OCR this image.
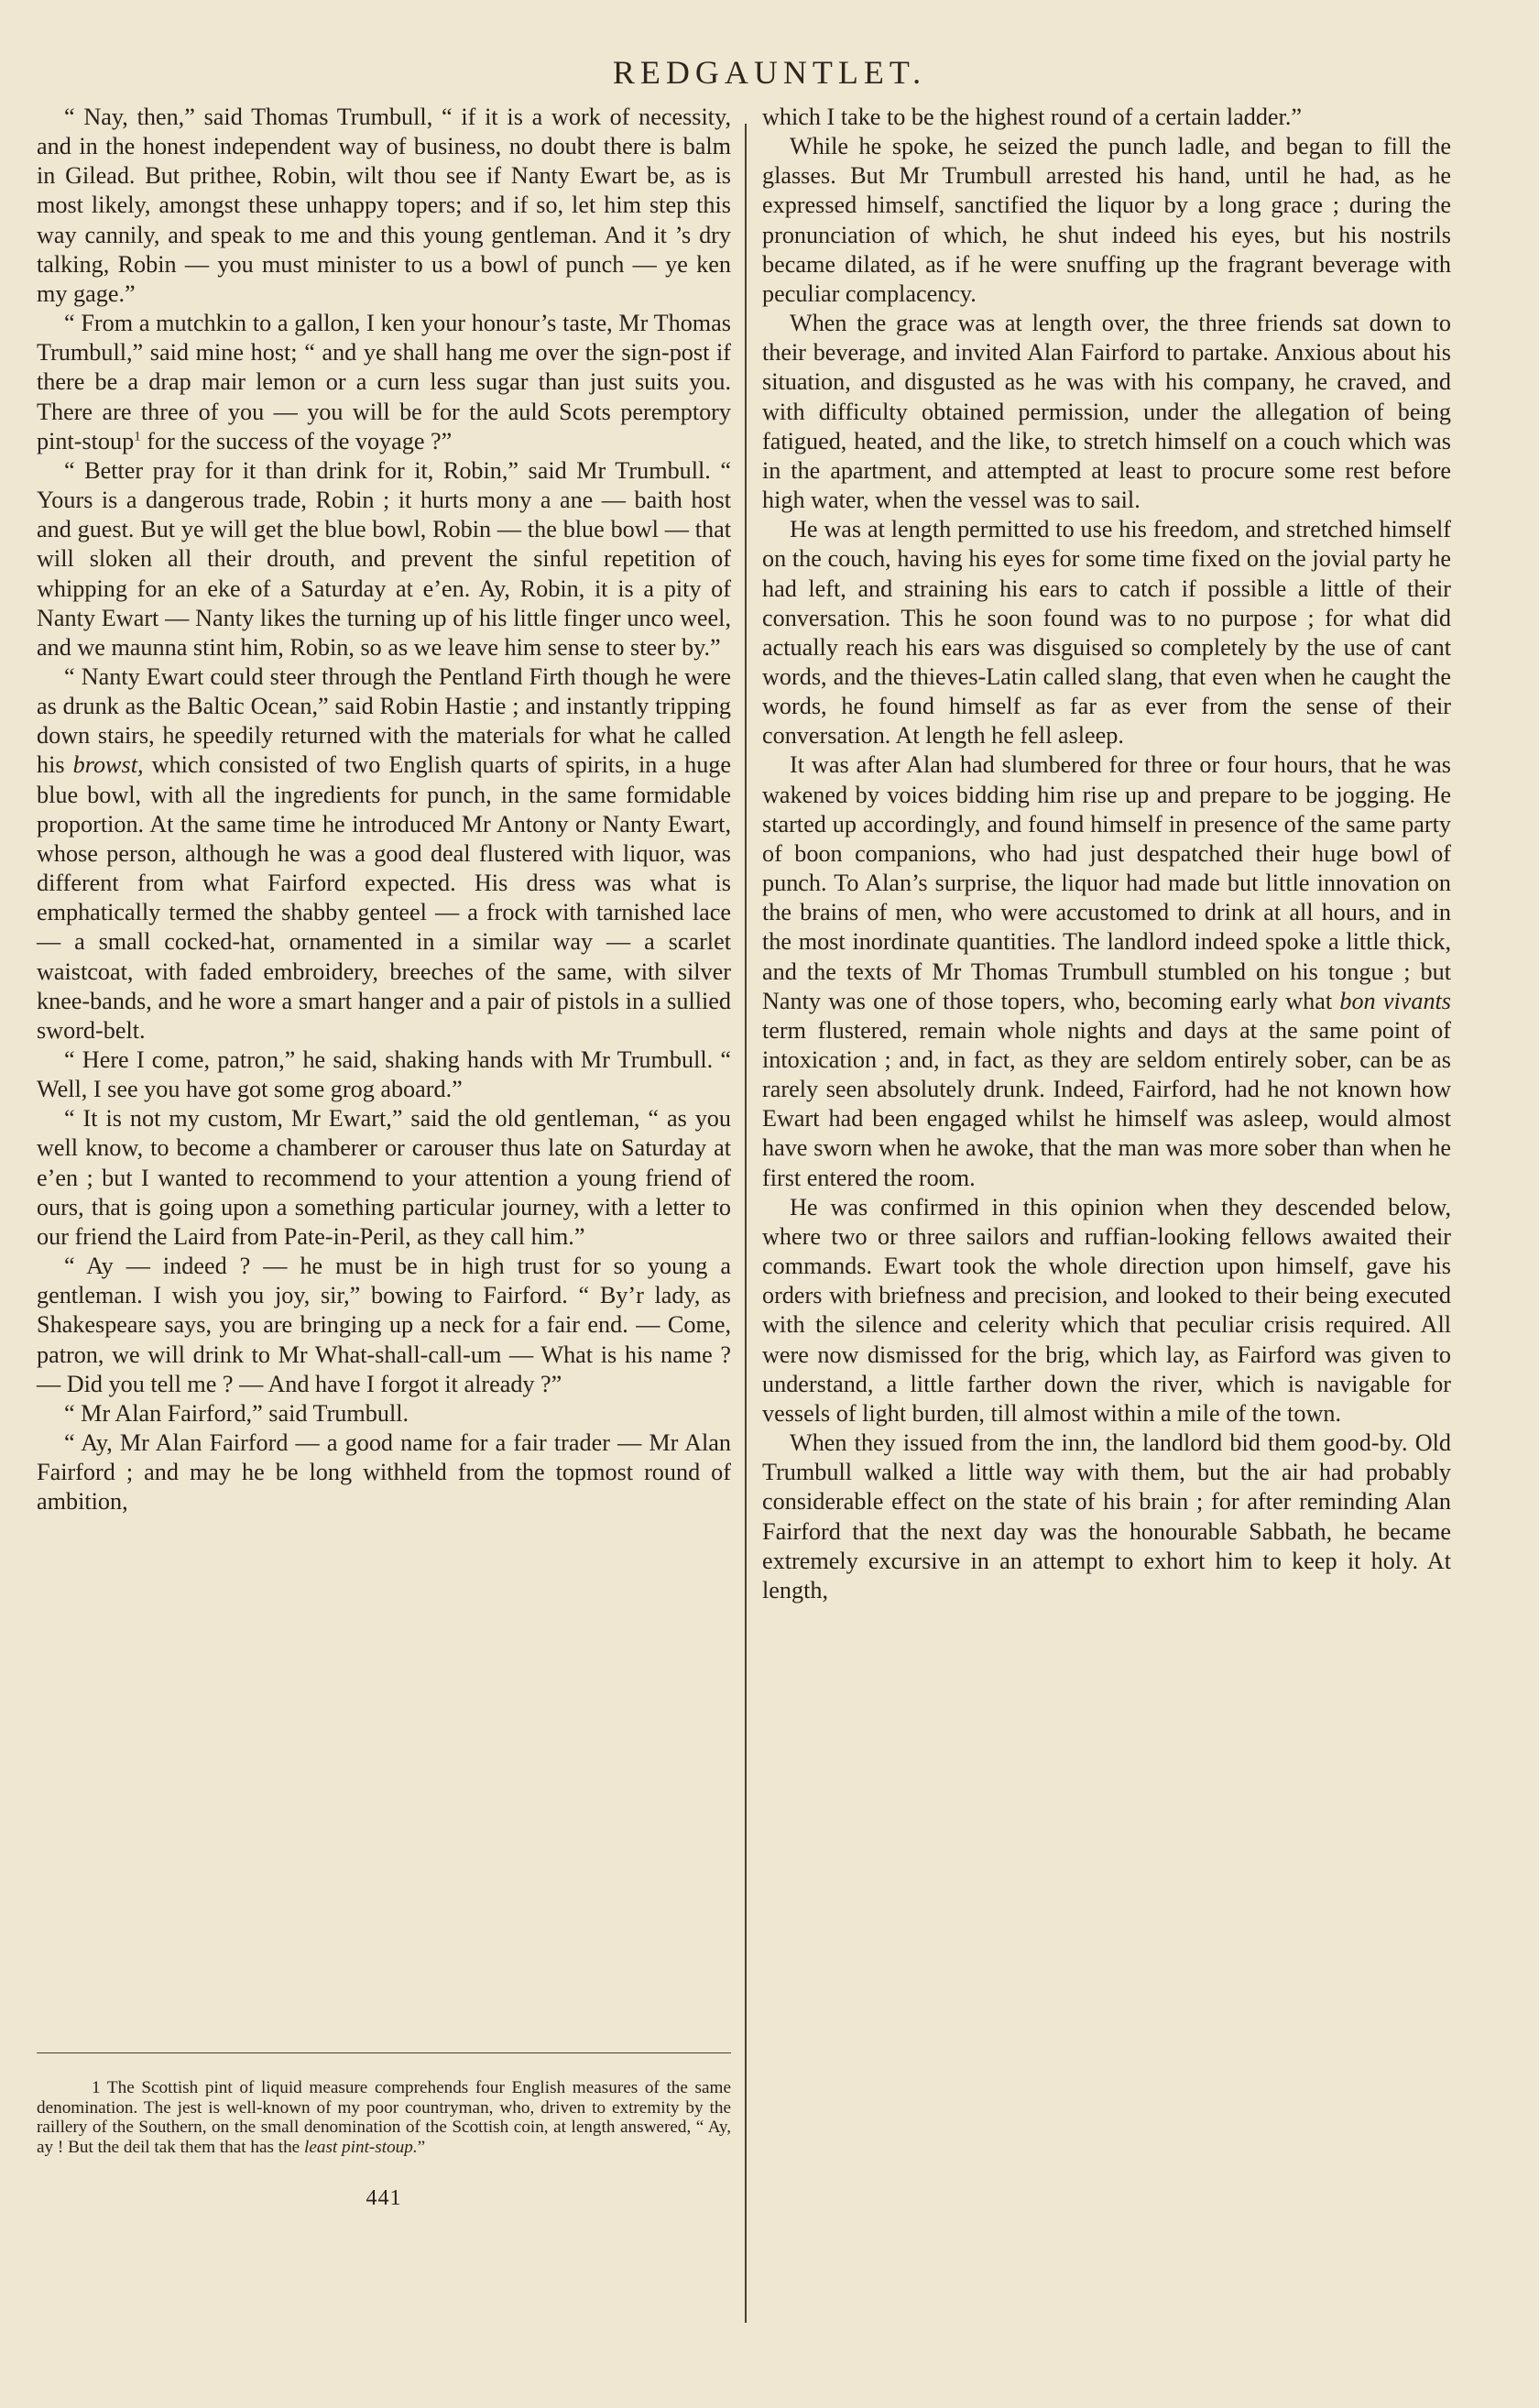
REDGAUNTLET.

“ Nay, then,” said Thomas Trumbull, “ if it is a work of necessity, and in the honest independent way of business, no doubt there is balm in Gilead. But prithee, Robin, wilt thou see if Nanty Ewart be, as is most likely, amongst these unhappy topers; and if so, let him step this way cannily, and speak to me and this young gentleman. And it ’s dry talking, Robin — you must minister to us a bowl of punch — ye ken my gage.”

“ From a mutchkin to a gallon, I ken your honour’s taste, Mr Thomas Trumbull,” said mine host; “ and ye shall hang me over the sign-post if there be a drap mair lemon or a curn less sugar than just suits you. There are three of you — you will be for the auld Scots peremptory pint-stoup$^1$ for the success of the voyage ?”

“ Better pray for it than drink for it, Robin,” said Mr Trumbull. “ Yours is a dangerous trade, Robin ; it hurts mony a ane — baith host and guest. But ye will get the blue bowl, Robin — the blue bowl — that will sloken all their drouth, and prevent the sinful repetition of whipping for an eke of a Saturday at e’en. Ay, Robin, it is a pity of Nanty Ewart — Nanty likes the turning up of his little finger unco weel, and we maunna stint him, Robin, so as we leave him sense to steer by.”

“ Nanty Ewart could steer through the Pentland Firth though he were as drunk as the Baltic Ocean,” said Robin Hastie ; and instantly tripping down stairs, he speedily returned with the materials for what he called his browst, which consisted of two English quarts of spirits, in a huge blue bowl, with all the ingredients for punch, in the same formidable proportion. At the same time he introduced Mr Antony or Nanty Ewart, whose person, although he was a good deal flustered with liquor, was different from what Fairford expected. His dress was what is emphatically termed the shabby genteel — a frock with tarnished lace — a small cocked-hat, ornamented in a similar way — a scarlet waistcoat, with faded embroidery, breeches of the same, with silver knee-bands, and he wore a smart hanger and a pair of pistols in a sullied sword-belt.

“ Here I come, patron,” he said, shaking hands with Mr Trumbull. “ Well, I see you have got some grog aboard.”

“ It is not my custom, Mr Ewart,” said the old gentleman, “ as you well know, to become a chamberer or carouser thus late on Saturday at e’en ; but I wanted to recommend to your attention a young friend of ours, that is going upon a something particular journey, with a letter to our friend the Laird from Pate-in-Peril, as they call him.”

“ Ay — indeed ? — he must be in high trust for so young a gentleman. I wish you joy, sir,” bowing to Fairford. “ By’r lady, as Shakespeare says, you are bringing up a neck for a fair end. — Come, patron, we will drink to Mr What-shall-call-um — What is his name ? — Did you tell me ? — And have I forgot it already ?”

“ Mr Alan Fairford,” said Trumbull.

“ Ay, Mr Alan Fairford — a good name for a fair trader — Mr Alan Fairford ; and may he be long withheld from the topmost round of ambition,

which I take to be the highest round of a certain ladder.”

While he spoke, he seized the punch ladle, and began to fill the glasses. But Mr Trumbull arrested his hand, until he had, as he expressed himself, sanctified the liquor by a long grace ; during the pronunciation of which, he shut indeed his eyes, but his nostrils became dilated, as if he were snuffing up the fragrant beverage with peculiar complacency.

When the grace was at length over, the three friends sat down to their beverage, and invited Alan Fairford to partake. Anxious about his situation, and disgusted as he was with his company, he craved, and with difficulty obtained permission, under the allegation of being fatigued, heated, and the like, to stretch himself on a couch which was in the apartment, and attempted at least to procure some rest before high water, when the vessel was to sail.

He was at length permitted to use his freedom, and stretched himself on the couch, having his eyes for some time fixed on the jovial party he had left, and straining his ears to catch if possible a little of their conversation. This he soon found was to no purpose ; for what did actually reach his ears was disguised so completely by the use of cant words, and the thieves-Latin called slang, that even when he caught the words, he found himself as far as ever from the sense of their conversation. At length he fell asleep.

It was after Alan had slumbered for three or four hours, that he was wakened by voices bidding him rise up and prepare to be jogging. He started up accordingly, and found himself in presence of the same party of boon companions, who had just despatched their huge bowl of punch. To Alan’s surprise, the liquor had made but little innovation on the brains of men, who were accustomed to drink at all hours, and in the most inordinate quantities. The landlord indeed spoke a little thick, and the texts of Mr Thomas Trumbull stumbled on his tongue ; but Nanty was one of those topers, who, becoming early what bon vivants term flustered, remain whole nights and days at the same point of intoxication ; and, in fact, as they are seldom entirely sober, can be as rarely seen absolutely drunk. Indeed, Fairford, had he not known how Ewart had been engaged whilst he himself was asleep, would almost have sworn when he awoke, that the man was more sober than when he first entered the room.

He was confirmed in this opinion when they descended below, where two or three sailors and ruffian-looking fellows awaited their commands. Ewart took the whole direction upon himself, gave his orders with briefness and precision, and looked to their being executed with the silence and celerity which that peculiar crisis required. All were now dismissed for the brig, which lay, as Fairford was given to understand, a little farther down the river, which is navigable for vessels of light burden, till almost within a mile of the town.

When they issued from the inn, the landlord bid them good-by. Old Trumbull walked a little way with them, but the air had probably considerable effect on the state of his brain ; for after reminding Alan Fairford that the next day was the honourable Sabbath, he became extremely excursive in an attempt to exhort him to keep it holy. At length,

1 The Scottish pint of liquid measure comprehends four English measures of the same denomination. The jest is well-known of my poor countryman, who, driven to extremity by the raillery of the Southern, on the small denomination of the Scottish coin, at length answered, “ Ay, ay ! But the deil tak them that has the least pint-stoup.”

441
